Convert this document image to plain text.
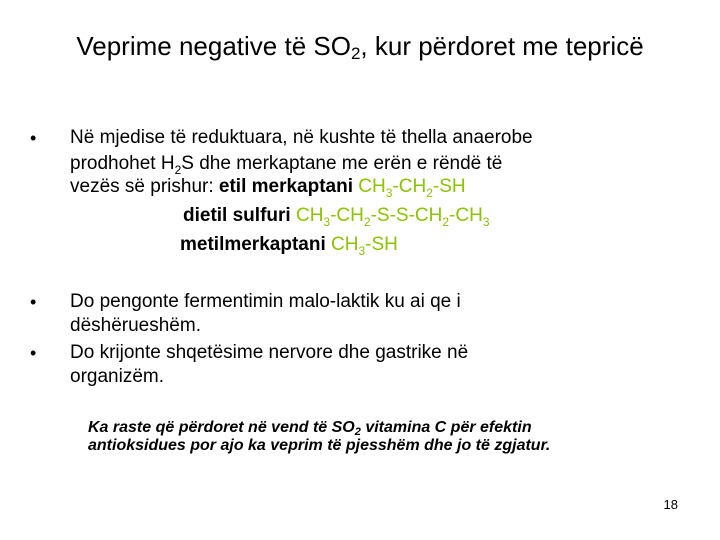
Veprime negative të $SO_2$, kur përdoret me tepricë
•	Në mjedise të reduktuara, në kushte të thella anaerobe
prodhohet $H_2S$ dhe merkaptane me erën e rëndë të
vezës së prishur: etil merkaptani $CH_3-CH_2-SH$
dietil sulfuri $CH_3-CH_2-S-S-CH_2-CH_3$
metilmerkaptani $CH_3-SH$
•	Do pengonte fermentimin malo-laktik ku ai qe i
dëshërueshëm.
•	Do krijonte shqetësime nervore dhe gastrike në
organizëm.
Ka raste që përdoret në vend të $SO_2$ vitamina C për efektin
antioksidues por ajo ka veprim të pjesshëm dhe jo të zgjatur.
18
